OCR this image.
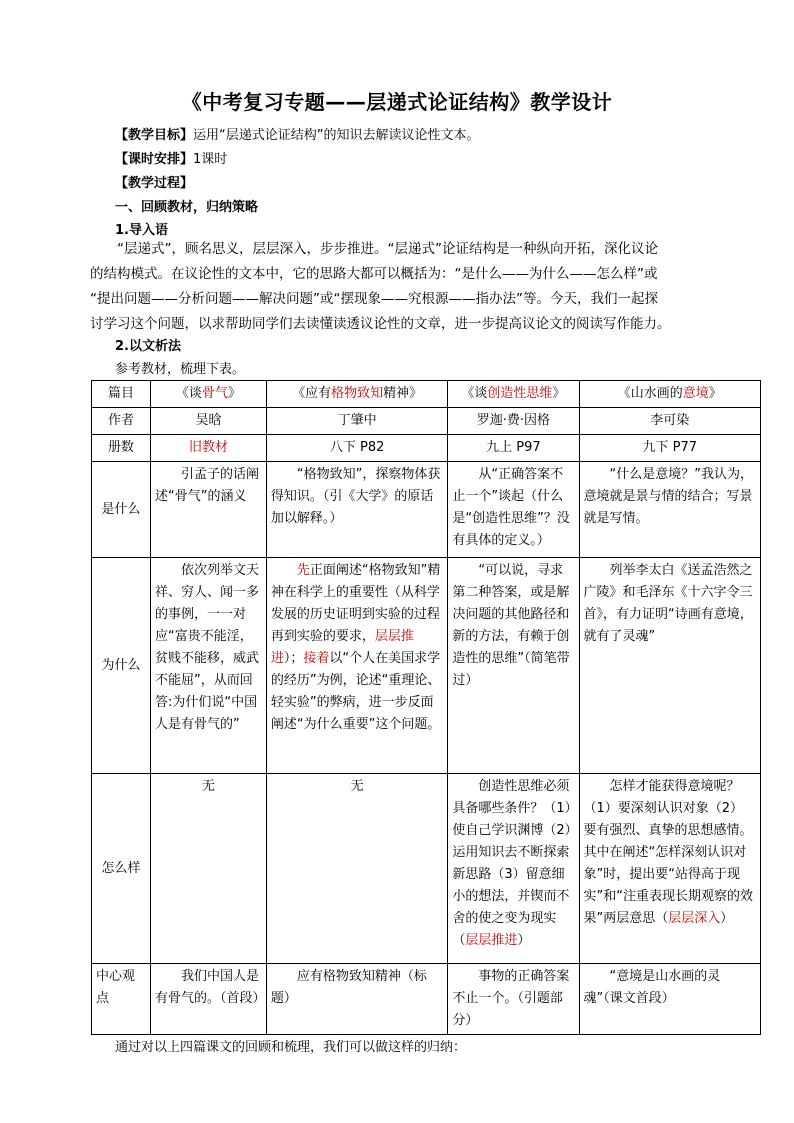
《中考复习专题——层递式论证结构》教学设计
【教学目标】运用“层递式论证结构”的知识去解读议论性文本。
【课时安排】1课时
【教学过程】
一、回顾教材，归纳策略
1.导入语

“层递式”，顾名思义，层层深入，步步推进。“层递式”论证结构是一种纵向开拓，深化议论

的结构模式。在议论性的文本中，它的思路大都可以概括为：“是什么——为什么——怎么样”或

“提出问题——分析问题——解决问题”或“摆现象——究根源——指办法”等。今天，我们一起探

讨学习这个问题，以求帮助同学们去读懂读透议论性的文章，进一步提高议论文的阅读写作能力。

2.以文析法
参考教材，梳理下表。
篇目	《谈骨气》	《应有格物致知精神》	《谈创造性思维》	《山水画的意境》
作者	吴晗	丁肇中	罗迦·费·因格	李可染
册数	旧教材	八下 P82	九上 P97	九下 P77
是什么	引孟子的话阐述“骨气”的涵义	“格物致知”，探察物体获得知识。（引《大学》的原话加以解释。）	从“正确答案不止一个”谈起（什么是“创造性思维”？没有具体的定义。）	“什么是意境？”我认为，意境就是景与情的结合；写景就是写情。
为什么	依次列举文天祥、穷人、闻一多的事例，一一对应“富贵不能淫，贫贱不能移，威武不能屈”，从而回答:为什们说“中国人是有骨气的”	先正面阐述“格物致知”精神在科学上的重要性（从科学发展的历史证明到实验的过程再到实验的要求，层层推进）；接着以“个人在美国求学的经历”为例，论述“重理论、轻实验”的弊病，进一步反面阐述“为什么重要”这个问题。	“可以说，寻求第二种答案，或是解决问题的其他路径和新的方法，有赖于创造性的思维”（简笔带过）	列举李太白《送孟浩然之广陵》和毛泽东《十六字令三首》，有力证明“诗画有意境，就有了灵魂”
怎么样	无	无	创造性思维必须具备哪些条件？（1）使自己学识渊博（2）运用知识去不断探索新思路（3）留意细小的想法，并锲而不舍的使之变为现实（层层推进）	怎样才能获得意境呢？（1）要深刻认识对象（2）要有强烈、真挚的思想感情。其中在阐述“怎样深刻认识对象”时，提出要“站得高于现实”和“注重表现长期观察的效果”两层意思（层层深入）
中心观点	我们中国人是有骨气的。（首段）	应有格物致知精神（标题）	事物的正确答案不止一个。（引题部分）	“意境是山水画的灵魂”（课文首段）
通过对以上四篇课文的回顾和梳理，我们可以做这样的归纳：
